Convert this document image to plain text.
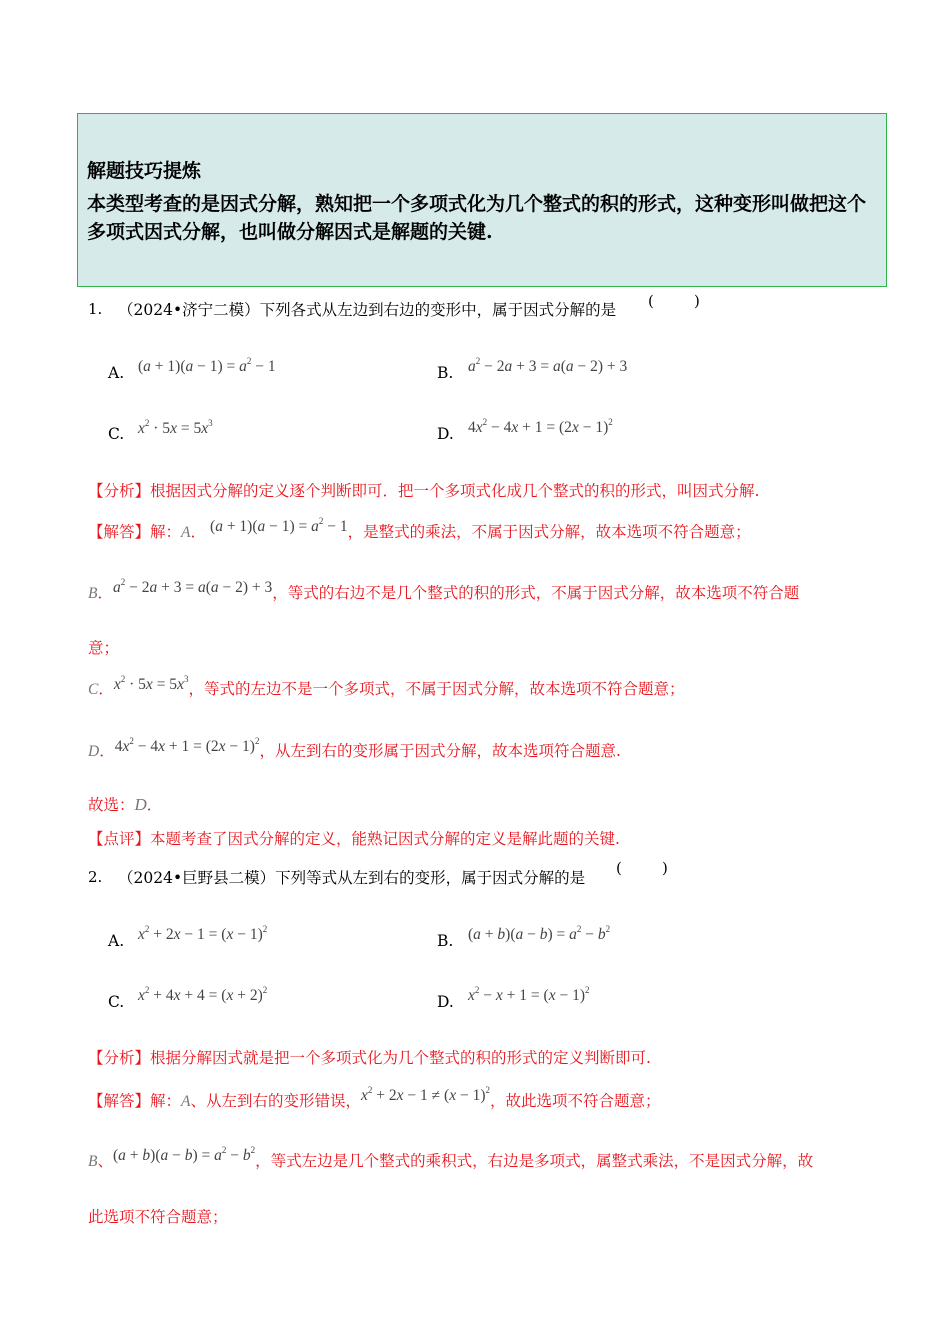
解题技巧提炼
本类型考查的是因式分解，熟知把一个多项式化为几个整式的积的形式，这种变形叫做把这个多项式因式分解，也叫做分解因式是解题的关键.
1. （2024•济宁二模）下列各式从左边到右边的变形中，属于因式分解的是 (	)
A. $(a + 1)(a - 1) = a^2 - 1$	B. $a^2 - 2a + 3 = a(a - 2) + 3$
C. $x^2 \cdot 5x = 5x^3$
D. $4x^2 - 4x + 1 = (2x - 1)^2$
【分析】根据因式分解的定义逐个判断即可．把一个多项式化成几个整式的积的形式，叫因式分解.
【解答】解：A． $(a + 1)(a - 1) = a^2 - 1$，是整式的乘法，不属于因式分解，故本选项不符合题意；
B．$a^2 - 2a + 3 = a(a - 2) + 3$，等式的右边不是几个整式的积的形式，不属于因式分解，故本选项不符合题
意；
C．$x^2 \cdot 5x = 5x^3$，等式的左边不是一个多项式，不属于因式分解，故本选项不符合题意；
D．$4x^2 - 4x + 1 = (2x - 1)^2$，从左到右的变形属于因式分解，故本选项符合题意.
故选：D．
【点评】本题考查了因式分解的定义，能熟记因式分解的定义是解此题的关键.
2. （2024•巨野县二模）下列等式从左到右的变形，属于因式分解的是
(	)
A. $x^2 + 2x - 1 = (x - 1)^2$
B. $(a + b)(a - b) = a^2 - b^2$
C. $x^2 + 4x + 4 = (x + 2)^2$
D. $x^2 - x + 1 = (x - 1)^2$
【分析】根据分解因式就是把一个多项式化为几个整式的积的形式的定义判断即可.
【解答】解：A、从左到右的变形错误，$x^2 + 2x - 1 \ne (x - 1)^2$，故此选项不符合题意；
B、$(a + b)(a - b) = a^2 - b^2$，等式左边是几个整式的乘积式，右边是多项式，属整式乘法，不是因式分解，故
此选项不符合题意；
